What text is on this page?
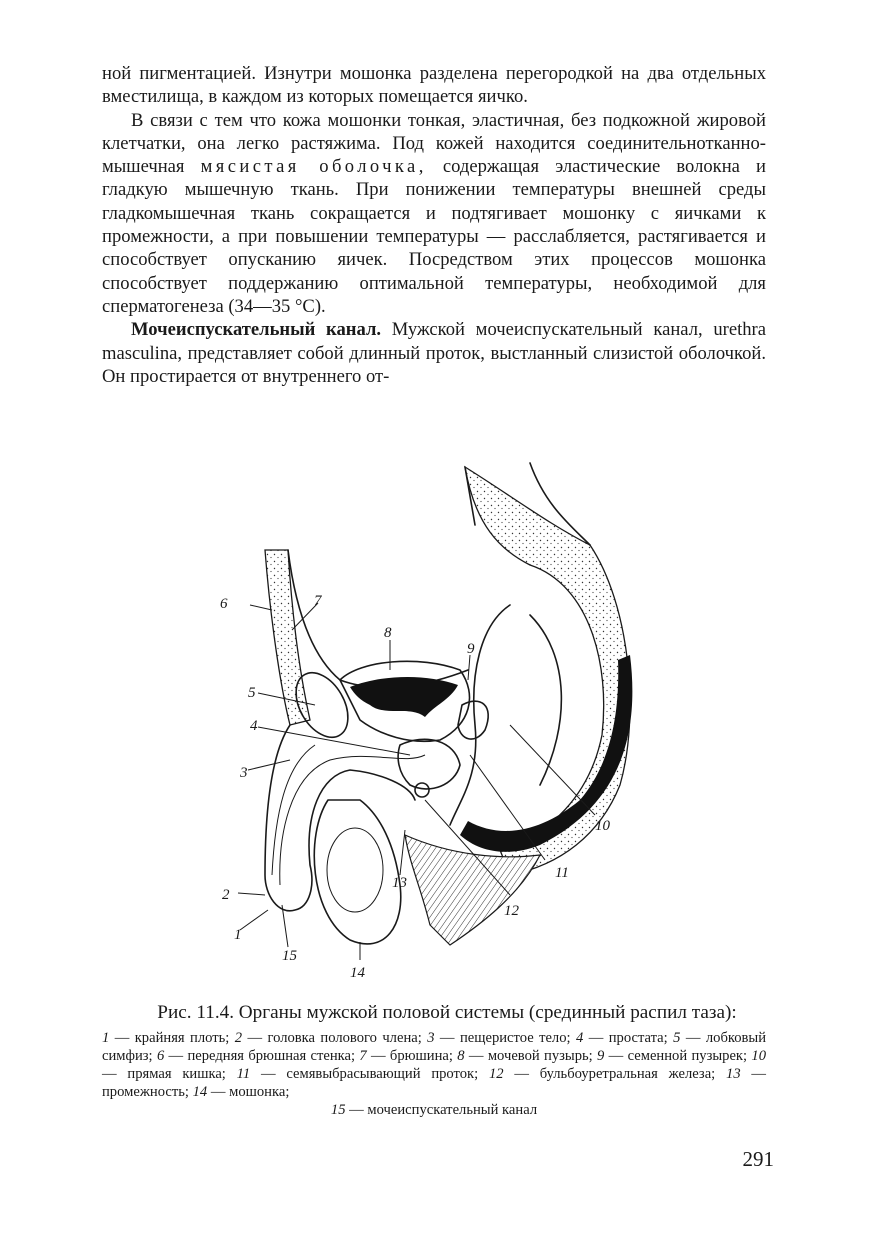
ной пигментацией. Изнутри мошонка разделена перегородкой на два отдельных вместилища, в каждом из которых помещается яичко.

В связи с тем что кожа мошонки тонкая, эластичная, без подкожной жировой клетчатки, она легко растяжима. Под кожей находится соединительнотканно-мышечная мясистая оболочка, содержащая эластические волокна и гладкую мышечную ткань. При понижении температуры внешней среды гладкомышечная ткань сокращается и подтягивает мошонку с яичками к промежности, а при повышении температуры — расслабляется, растягивается и способствует опусканию яичек. Посредством этих процессов мошонка способствует поддержанию оптимальной температуры, необходимой для сперматогенеза (34—35 °С).

Мочеиспускательный канал. Мужской мочеиспускательный канал, urethra masculina, представляет собой длинный проток, выстланный слизистой оболочкой. Он простирается от внутреннего от-

1
2
3
4
5
6	7
8
9
10
11
12
13
14
15
Рис. 11.4. Органы мужской половой системы (срединный распил таза):

1 — крайняя плоть; 2 — головка полового члена; 3 — пещеристое тело; 4 — простата; 5 — лобковый симфиз; 6 — передняя брюшная стенка; 7 — брюшина; 8 — мочевой пузырь; 9 — семенной пузырек; 10 — прямая кишка; 11 — семявыбрасывающий проток; 12 — бульбоуретральная железа; 13 — промежность; 14 — мошонка;

15 — мочеиспускательный канал

291
